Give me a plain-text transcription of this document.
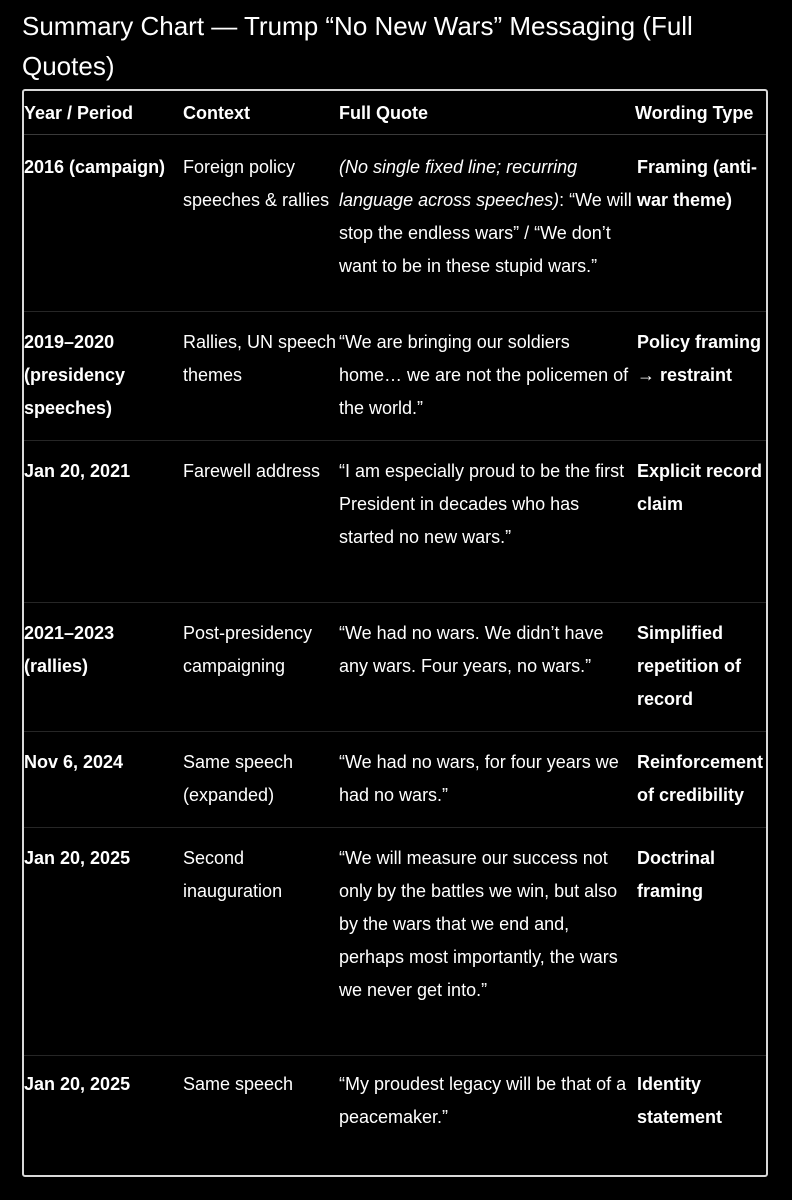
Summary Chart — Trump “No New Wars” Messaging (Full Quotes)
Year / Period	Context	Full Quote	Wording Type
2016 (campaign)	Foreign policy speeches & rallies	(No single fixed line; recurring language across speeches): “We will stop the endless wars” / “We don’t want to be in these stupid wars.”	Framing (anti-war theme)
2019–2020 (presidency speeches)	Rallies, UN speech themes	“We are bringing our soldiers home… we are not the policemen of the world.”	Policy framing → restraint
Jan 20, 2021	Farewell address	“I am especially proud to be the first President in decades who has started no new wars.”	Explicit record claim
2021–2023 (rallies)	Post-presidency campaigning	“We had no wars. We didn’t have any wars. Four years, no wars.”	Simplified repetition of record
Nov 6, 2024	Same speech (expanded)	“We had no wars, for four years we had no wars.”	Reinforcement of credibility
Jan 20, 2025	Second inauguration	“We will measure our success not only by the battles we win, but also by the wars that we end and, perhaps most importantly, the wars we never get into.”	Doctrinal framing
Jan 20, 2025	Same speech	“My proudest legacy will be that of a peacemaker.”	Identity statement
